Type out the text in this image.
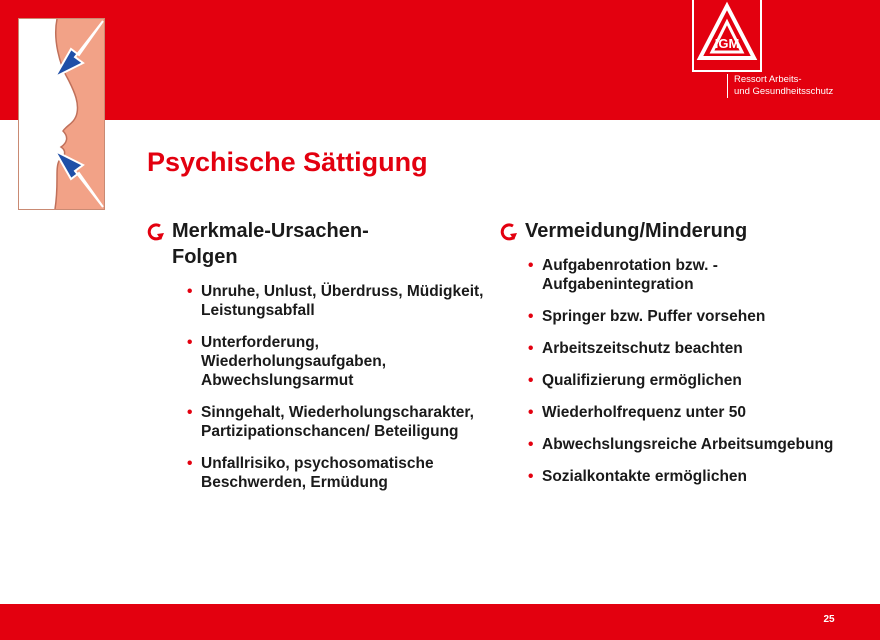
IGM
Ressort Arbeits-
und Gesundheitsschutz
Psychische Sättigung
Merkmale-Ursachen-
Folgen
• Unruhe, Unlust, Überdruss, Müdigkeit, Leistungsabfall
• Unterforderung, Wiederholungsaufgaben, Abwechslungsarmut
• Sinngehalt, Wiederholungscharakter, Partizipationschancen/ Beteiligung
• Unfallrisiko, psychosomatische Beschwerden, Ermüdung
Vermeidung/Minderung
• Aufgabenrotation bzw. - Aufgabenintegration
• Springer bzw. Puffer vorsehen
• Arbeitszeitschutz beachten
• Qualifizierung ermöglichen
• Wiederholfrequenz unter 50
• Abwechslungsreiche Arbeitsumgebung
• Sozialkontakte ermöglichen
25
